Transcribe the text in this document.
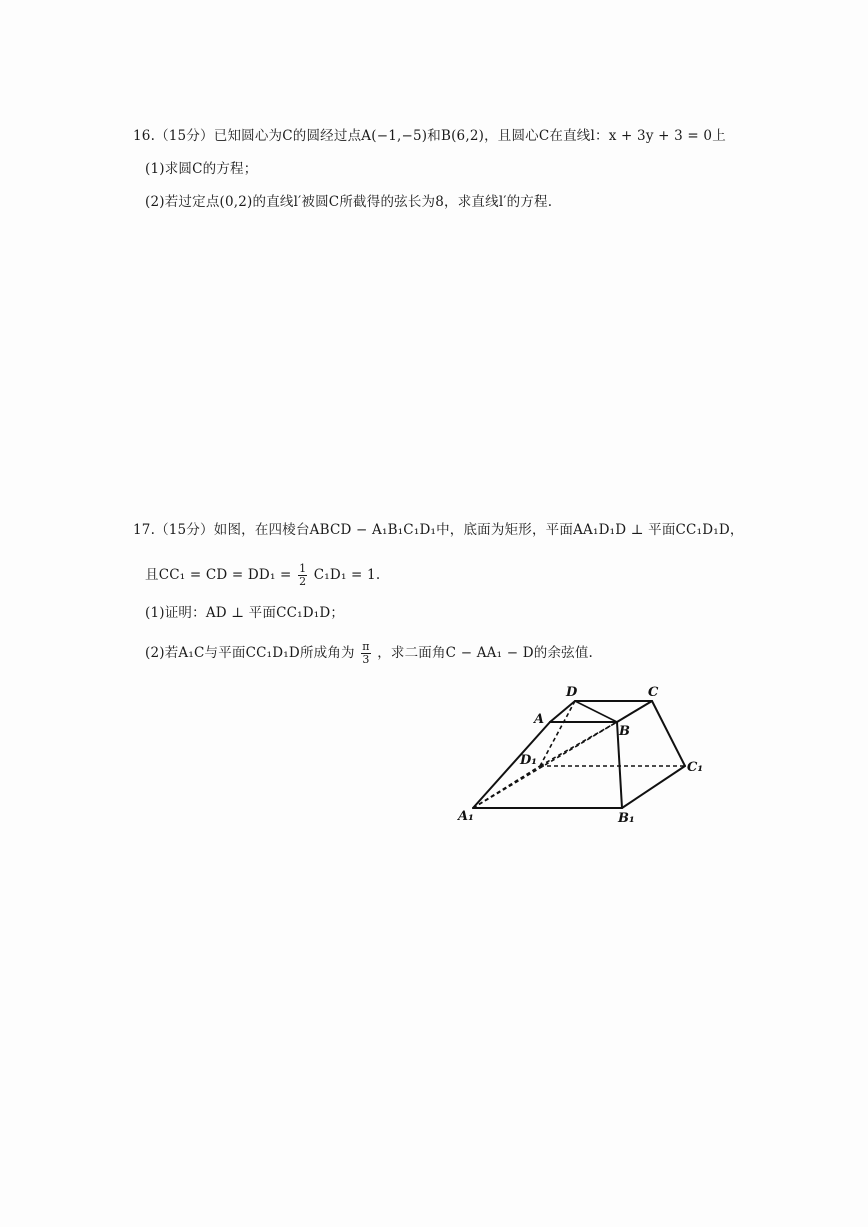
16.（15分）已知圆心为C的圆经过点A(−1,−5)和B(6,2)，且圆心C在直线l：x + 3y + 3 = 0上
(1)求圆C的方程；
(2)若过定点(0,2)的直线l′被圆C所截得的弦长为8，求直线l′的方程.
17.（15分）如图，在四棱台ABCD − A₁B₁C₁D₁中，底面为矩形，平面AA₁D₁D ⊥ 平面CC₁D₁D，
且CC₁ = CD = $DD_1 = \frac{1}{2} C_1D_1 = 1$.
(1)证明：AD ⊥ 平面CC₁D₁D；
(2)若A₁C与平面CC₁D₁D所成角为 $\frac{\pi}{3}$ ，求二面角C − AA₁ − D的余弦值.
D	C
A
B
D₁	C₁
A₁	B₁
